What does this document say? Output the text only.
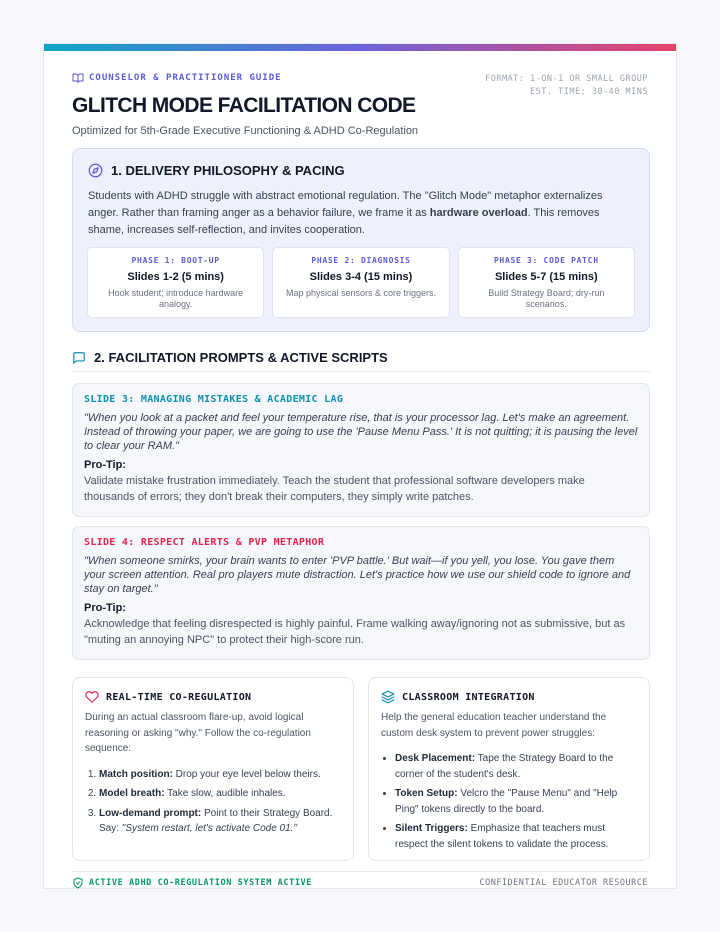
COUNSELOR & PRACTITIONER GUIDE	FORMAT: 1-ON-1 OR SMALL GROUP
EST. TIME: 30-40 MINS
GLITCH MODE FACILITATION CODE
Optimized for 5th-Grade Executive Functioning & ADHD Co-Regulation
1. DELIVERY PHILOSOPHY & PACING

Students with ADHD struggle with abstract emotional regulation. The "Glitch Mode" metaphor externalizes anger. Rather than framing anger as a behavior failure, we frame it as hardware overload. This removes shame, increases self-reflection, and invites cooperation.

PHASE 1: BOOT-UP
Slides 1-2 (5 mins)
Hook student; introduce hardware analogy.
PHASE 2: DIAGNOSIS
Slides 3-4 (15 mins)
Map physical sensors & core triggers.
PHASE 3: CODE PATCH
Slides 5-7 (15 mins)
Build Strategy Board; dry-run scenarios.
2. FACILITATION PROMPTS & ACTIVE SCRIPTS
SLIDE 3: MANAGING MISTAKES & ACADEMIC LAG
"When you look at a packet and feel your temperature rise, that is your processor lag. Let's make an agreement. Instead of throwing your paper, we are going to use the 'Pause Menu Pass.' It is not quitting; it is pausing the level to clear your RAM."
Pro-Tip:
Validate mistake frustration immediately. Teach the student that professional software developers make thousands of errors; they don't break their computers, they simply write patches.
SLIDE 4: RESPECT ALERTS & PVP METAPHOR
"When someone smirks, your brain wants to enter 'PVP battle.' But wait—if you yell, you lose. You gave them your screen attention. Real pro players mute distraction. Let's practice how we use our shield code to ignore and stay on target."
Pro-Tip:
Acknowledge that feeling disrespected is highly painful. Frame walking away/ignoring not as submissive, but as "muting an annoying NPC" to protect their high-score run.
REAL-TIME CO-REGULATION
During an actual classroom flare-up, avoid logical reasoning or asking "why." Follow the co-regulation sequence:
1. Match position: Drop your eye level below theirs.
2. Model breath: Take slow, audible inhales.
3. Low-demand prompt: Point to their Strategy Board. Say: "System restart, let's activate Code 01."
CLASSROOM INTEGRATION
Help the general education teacher understand the custom desk system to prevent power struggles:
• Desk Placement: Tape the Strategy Board to the corner of the student's desk.
• Token Setup: Velcro the "Pause Menu" and "Help Ping" tokens directly to the board.
• Silent Triggers: Emphasize that teachers must respect the silent tokens to validate the process.
ACTIVE ADHD CO-REGULATION SYSTEM ACTIVE	CONFIDENTIAL EDUCATOR RESOURCE
